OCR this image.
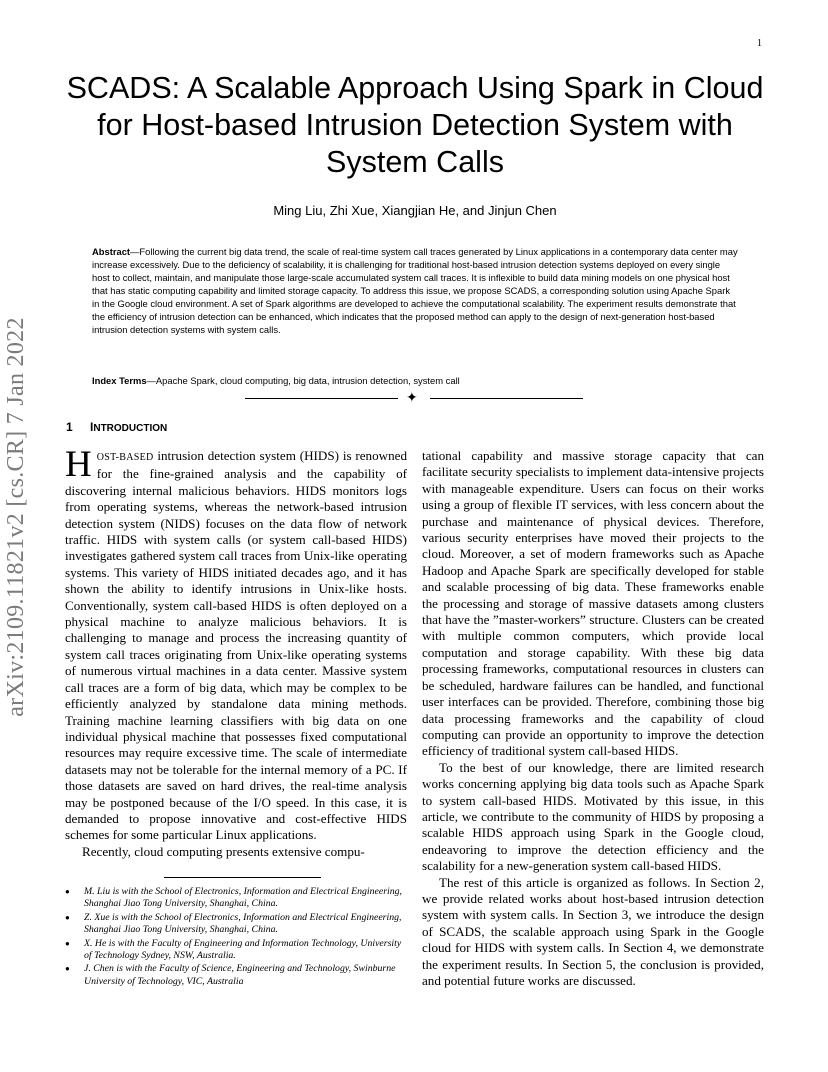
1
arXiv:2109.11821v2 [cs.CR] 7 Jan 2022
SCADS: A Scalable Approach Using Spark in Cloud for Host-based Intrusion Detection System with System Calls
Ming Liu, Zhi Xue, Xiangjian He, and Jinjun Chen
Abstract—Following the current big data trend, the scale of real-time system call traces generated by Linux applications in a contemporary data center may increase excessively. Due to the deficiency of scalability, it is challenging for traditional host-based intrusion detection systems deployed on every single host to collect, maintain, and manipulate those large-scale accumulated system call traces. It is inflexible to build data mining models on one physical host that has static computing capability and limited storage capacity. To address this issue, we propose SCADS, a corresponding solution using Apache Spark in the Google cloud environment. A set of Spark algorithms are developed to achieve the computational scalability. The experiment results demonstrate that the efficiency of intrusion detection can be enhanced, which indicates that the proposed method can apply to the design of next-generation host-based intrusion detection systems with system calls.
Index Terms—Apache Spark, cloud computing, big data, intrusion detection, system call
✦
1 INTRODUCTION

HOST-BASED intrusion detection system (HIDS) is renowned for the fine-grained analysis and the capability of discovering internal malicious behaviors. HIDS monitors logs from operating systems, whereas the network-based intrusion detection system (NIDS) focuses on the data flow of network traffic. HIDS with system calls (or system call-based HIDS) investigates gathered system call traces from Unix-like operating systems. This variety of HIDS initiated decades ago, and it has shown the ability to identify intrusions in Unix-like hosts. Conventionally, system call-based HIDS is often deployed on a physical machine to analyze malicious behaviors. It is challenging to manage and process the increasing quantity of system call traces originating from Unix-like operating systems of numerous virtual machines in a data center. Massive system call traces are a form of big data, which may be complex to be efficiently analyzed by standalone data mining methods. Training machine learning classifiers with big data on one individual physical machine that possesses fixed computational resources may require excessive time. The scale of intermediate datasets may not be tolerable for the internal memory of a PC. If those datasets are saved on hard drives, the real-time analysis may be postponed because of the I/O speed. In this case, it is demanded to propose innovative and cost-effective HIDS schemes for some particular Linux applications.

Recently, cloud computing presents extensive compu-

● M. Liu is with the School of Electronics, Information and Electrical Engineering, Shanghai Jiao Tong University, Shanghai, China.
● Z. Xue is with the School of Electronics, Information and Electrical Engineering, Shanghai Jiao Tong University, Shanghai, China.
● X. He is with the Faculty of Engineering and Information Technology, University of Technology Sydney, NSW, Australia.
● J. Chen is with the Faculty of Science, Engineering and Technology, Swinburne University of Technology, VIC, Australia

tational capability and massive storage capacity that can facilitate security specialists to implement data-intensive projects with manageable expenditure. Users can focus on their works using a group of flexible IT services, with less concern about the purchase and maintenance of physical devices. Therefore, various security enterprises have moved their projects to the cloud. Moreover, a set of modern frameworks such as Apache Hadoop and Apache Spark are specifically developed for stable and scalable processing of big data. These frameworks enable the processing and storage of massive datasets among clusters that have the ”master-workers” structure. Clusters can be created with multiple common computers, which provide local computation and storage capability. With these big data processing frameworks, computational resources in clusters can be scheduled, hardware failures can be handled, and functional user interfaces can be provided. Therefore, combining those big data processing frameworks and the capability of cloud computing can provide an opportunity to improve the detection efficiency of traditional system call-based HIDS.

To the best of our knowledge, there are limited research works concerning applying big data tools such as Apache Spark to system call-based HIDS. Motivated by this issue, in this article, we contribute to the community of HIDS by proposing a scalable HIDS approach using Spark in the Google cloud, endeavoring to improve the detection efficiency and the scalability for a new-generation system call-based HIDS.

The rest of this article is organized as follows. In Section 2, we provide related works about host-based intrusion detection system with system calls. In Section 3, we introduce the design of SCADS, the scalable approach using Spark in the Google cloud for HIDS with system calls. In Section 4, we demonstrate the experiment results. In Section 5, the conclusion is provided, and potential future works are discussed.
